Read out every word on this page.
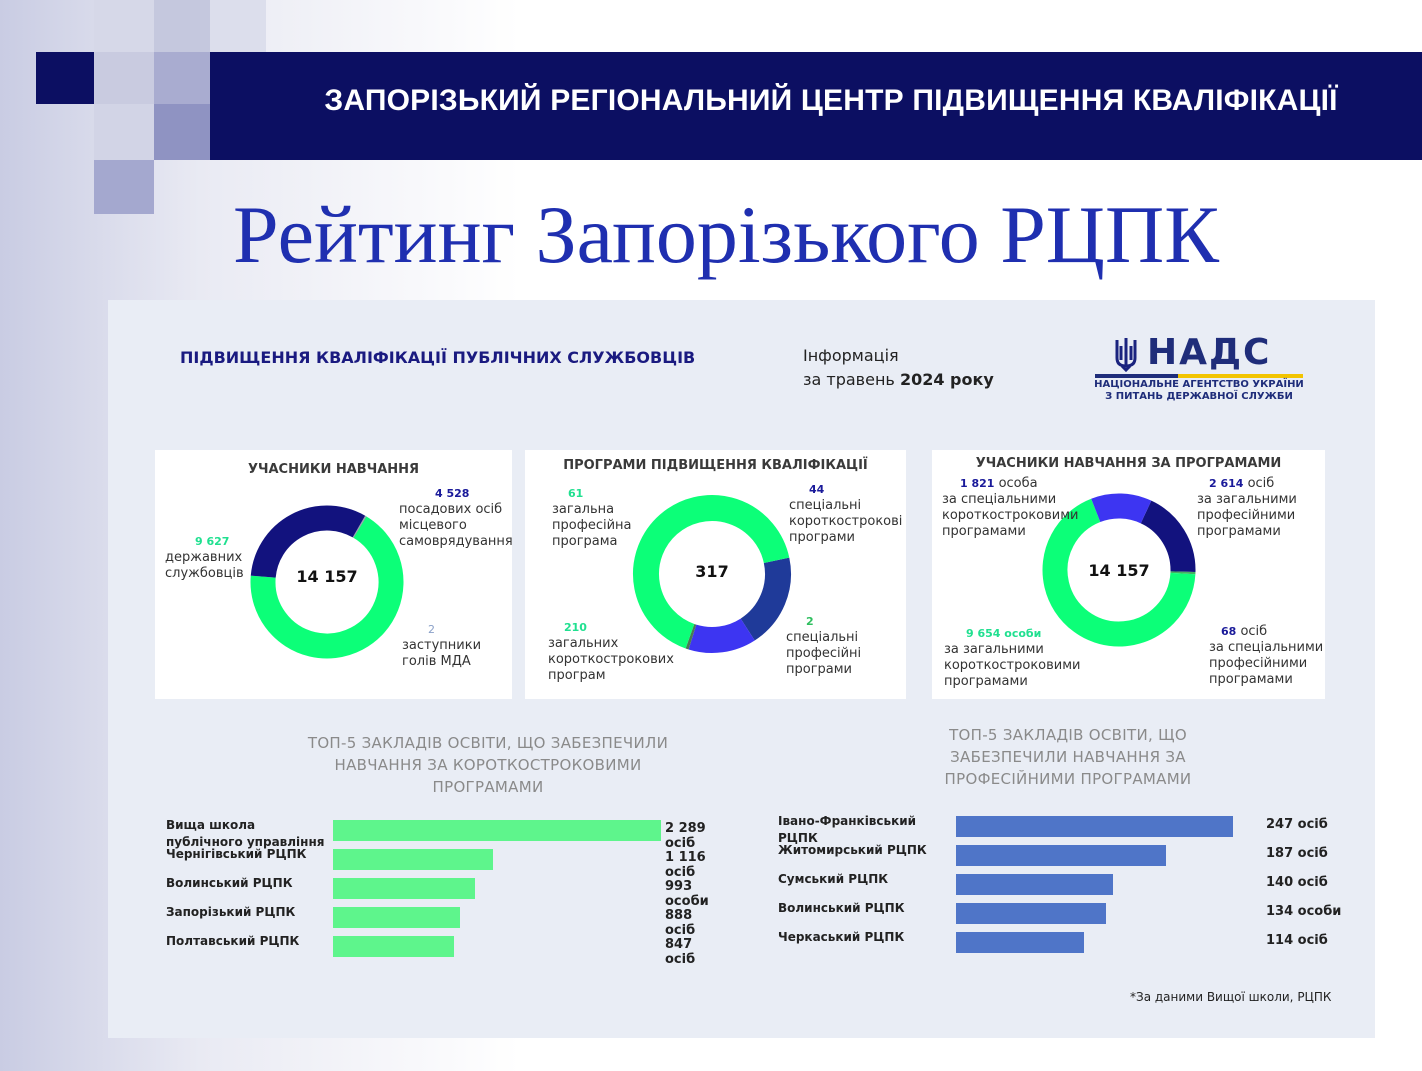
ЗАПОРІЗЬКИЙ РЕГІОНАЛЬНИЙ ЦЕНТР ПІДВИЩЕННЯ КВАЛІФІКАЦІЇ
Рейтинг Запорізького РЦПК
ПІДВИЩЕННЯ КВАЛІФІКАЦІЇ ПУБЛІЧНИХ СЛУЖБОВЦІВ	Інформація
за травень 2024 року
НАДС
НАЦІОНАЛЬНЕ АГЕНТСТВО УКРАЇНИ
З ПИТАНЬ ДЕРЖАВНОЇ СЛУЖБИ
УЧАСНИКИ НАВЧАННЯ
14 157
9 627
державних
службовців
4 528
посадових осіб
місцевого
самоврядування
2
заступники
голів МДА
ПРОГРАМИ ПІДВИЩЕННЯ КВАЛІФІКАЦІЇ
317
61
загальна
професійна
програма
44
спеціальні
короткострокові
програми
210
загальних
короткострокових
програм
2
спеціальні
професійні
програми
УЧАСНИКИ НАВЧАННЯ ЗА ПРОГРАМАМИ
14 157
1 821 особа
за спеціальними
короткостроковими
програмами
2 614 осіб
за загальними
професійними
програмами
9 654 особи
за загальними
короткостроковими
програмами
68 осіб
за спеціальними
професійними
програмами
ТОП-5 ЗАКЛАДІВ ОСВІТИ, ЩО ЗАБЕЗПЕЧИЛИ
НАВЧАННЯ ЗА КОРОТКОСТРОКОВИМИ
ПРОГРАМАМИ
Вища школа публічного управління
2 289 осіб
Чернігівський РЦПК	1 116 осіб
Волинський РЦПК	993 особи
Запорізький РЦПК	888 осіб
Полтавський РЦПК	847 осіб
ТОП-5 ЗАКЛАДІВ ОСВІТИ, ЩО
ЗАБЕЗПЕЧИЛИ НАВЧАННЯ ЗА
ПРОФЕСІЙНИМИ ПРОГРАМАМИ
Івано-Франківський РЦПК
247 осіб
Житомирський РЦПК	187 осіб
Сумський РЦПК	140 осіб
Волинський РЦПК	134 особи
Черкаський РЦПК	114 осіб
*За даними Вищої школи, РЦПК
